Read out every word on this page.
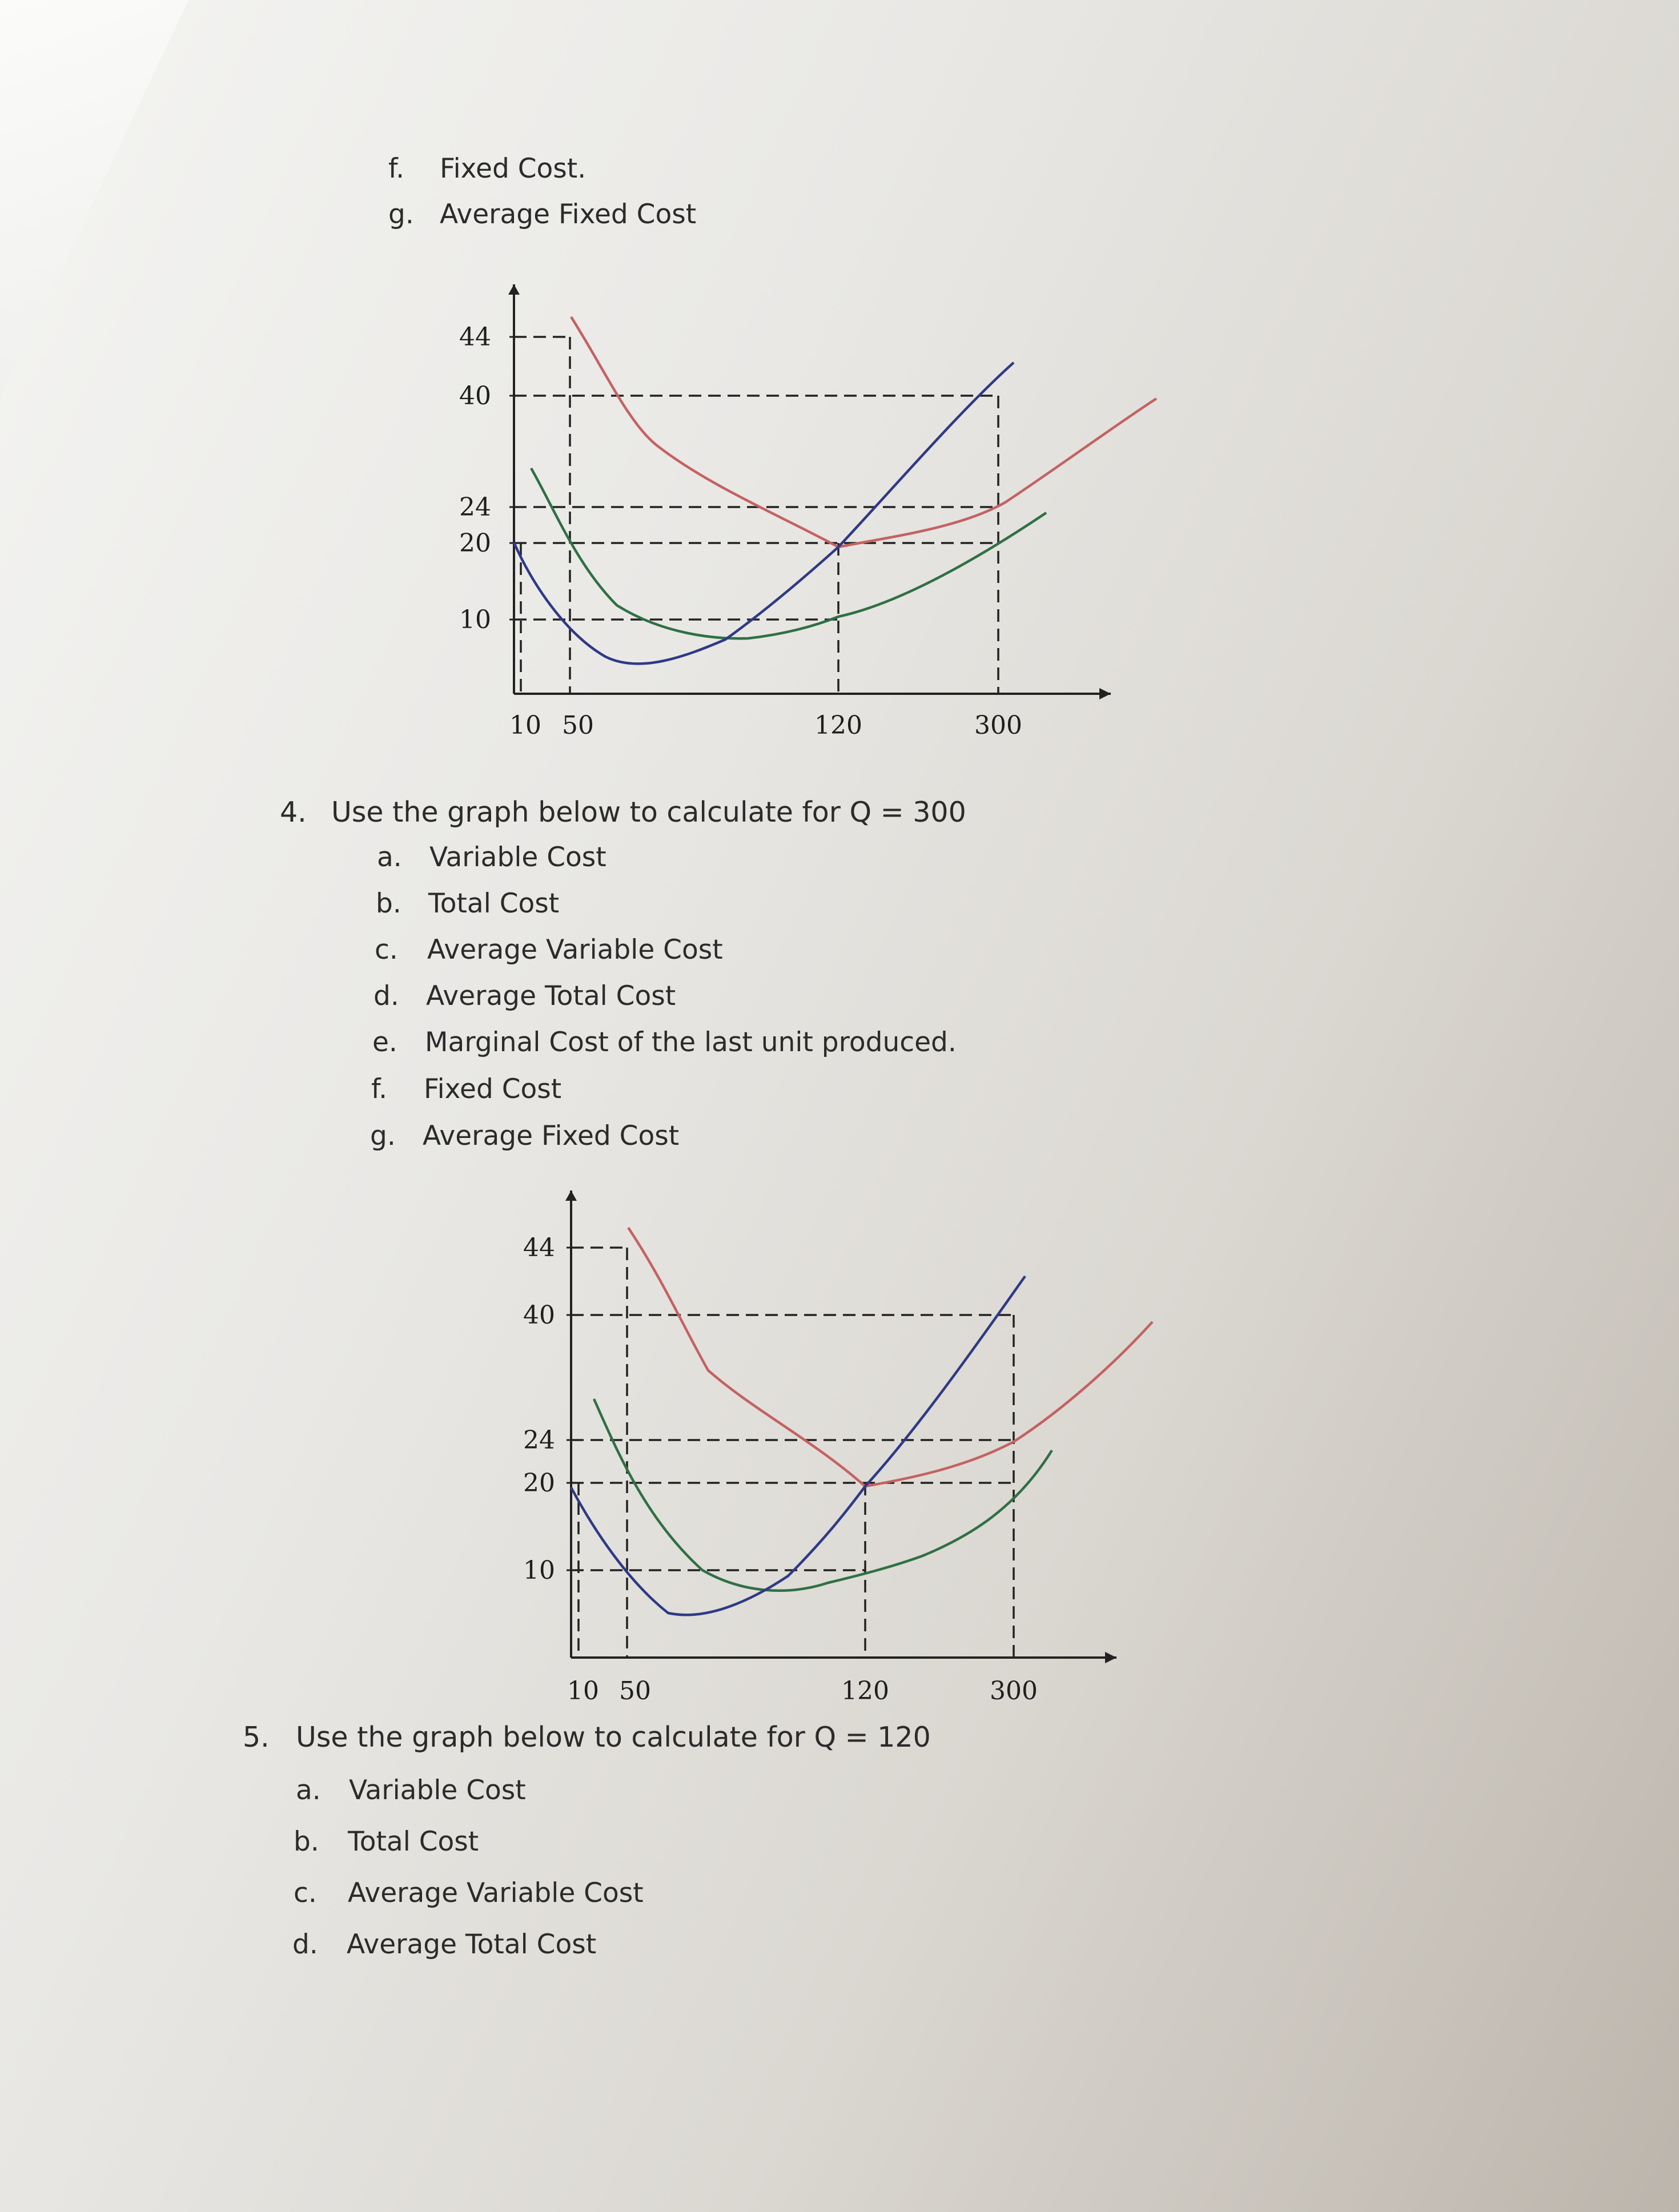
f. Fixed Cost.
g. Average Fixed Cost
44
40
24
20
10
10 50	120	300
4. Use the graph below to calculate for Q = 300
a. Variable Cost
b. Total Cost
c. Average Variable Cost
d. Average Total Cost
e. Marginal Cost of the last unit produced.
f. Fixed Cost
g. Average Fixed Cost
44
40
24
20
10
10 50	120	300
5. Use the graph below to calculate for Q = 120
a. Variable Cost
b. Total Cost
c. Average Variable Cost
d. Average Total Cost
